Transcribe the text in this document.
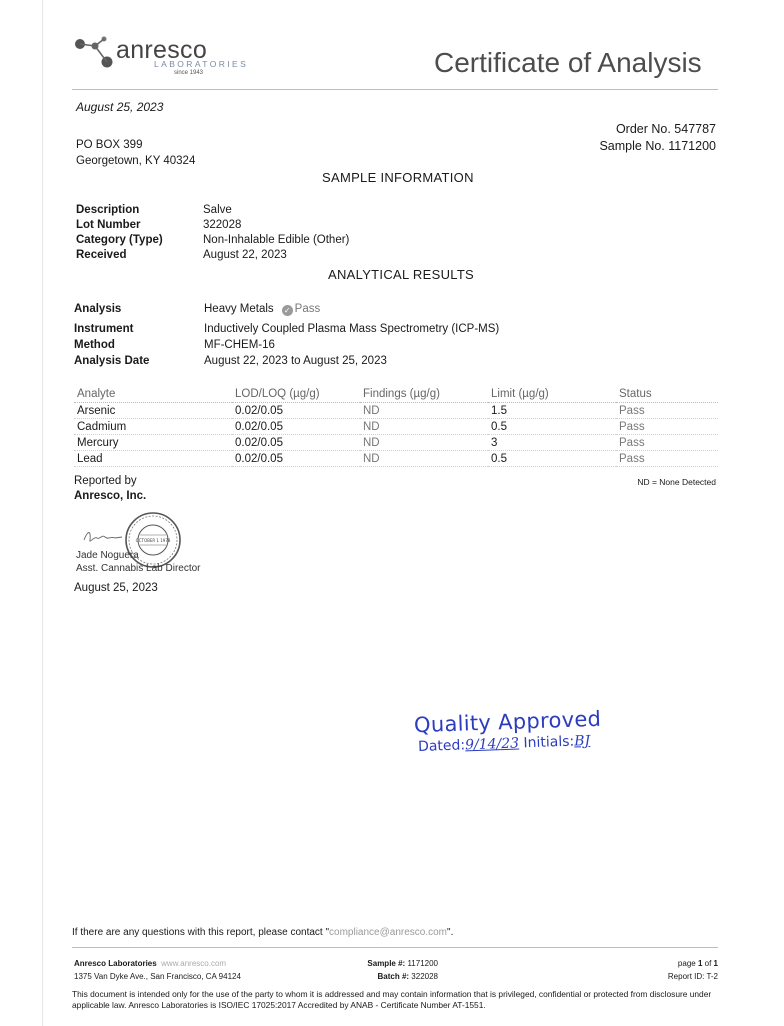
anresco
LABORATORIES
since 1943	Certificate of Analysis
August 25, 2023
PO BOX 399
Georgetown, KY 40324
Order No. 547787
Sample No. 1171200
SAMPLE INFORMATION
Description	Salve
Lot Number	322028
Category (Type)	Non-Inhalable Edible (Other)
Received	August 22, 2023
ANALYTICAL RESULTS
Analysis	Heavy Metals ✓ Pass
Instrument	Inductively Coupled Plasma Mass Spectrometry (ICP-MS)
Method	MF-CHEM-16
Analysis Date	August 22, 2023 to August 25, 2023
Analyte	LOD/LOQ (µg/g)	Findings (µg/g)	Limit (µg/g)	Status
Arsenic	0.02/0.05	ND	1.5	Pass
Cadmium	0.02/0.05	ND	0.5	Pass
Mercury	0.02/0.05	ND	3	Pass
Lead	0.02/0.05	ND	0.5	Pass
ND = None Detected
Reported by
Anresco, Inc.
OCTOBER 1 1978
Jade Noguera
Asst. Cannabis Lab Director
August 25, 2023
Quality Approved
Dated:9/14/23 Initials:BJ
If there are any questions with this report, please contact "compliance@anresco.com".
Anresco Laboratories www.anresco.com
1375 Van Dyke Ave., San Francisco, CA 94124
Sample #: 1171200
Batch #: 322028
page 1 of 1
Report ID: T-2
This document is intended only for the use of the party to whom it is addressed and may contain information that is privileged, confidential or protected from disclosure under applicable law. Anresco Laboratories is ISO/IEC 17025:2017 Accredited by ANAB - Certificate Number AT-1551.
